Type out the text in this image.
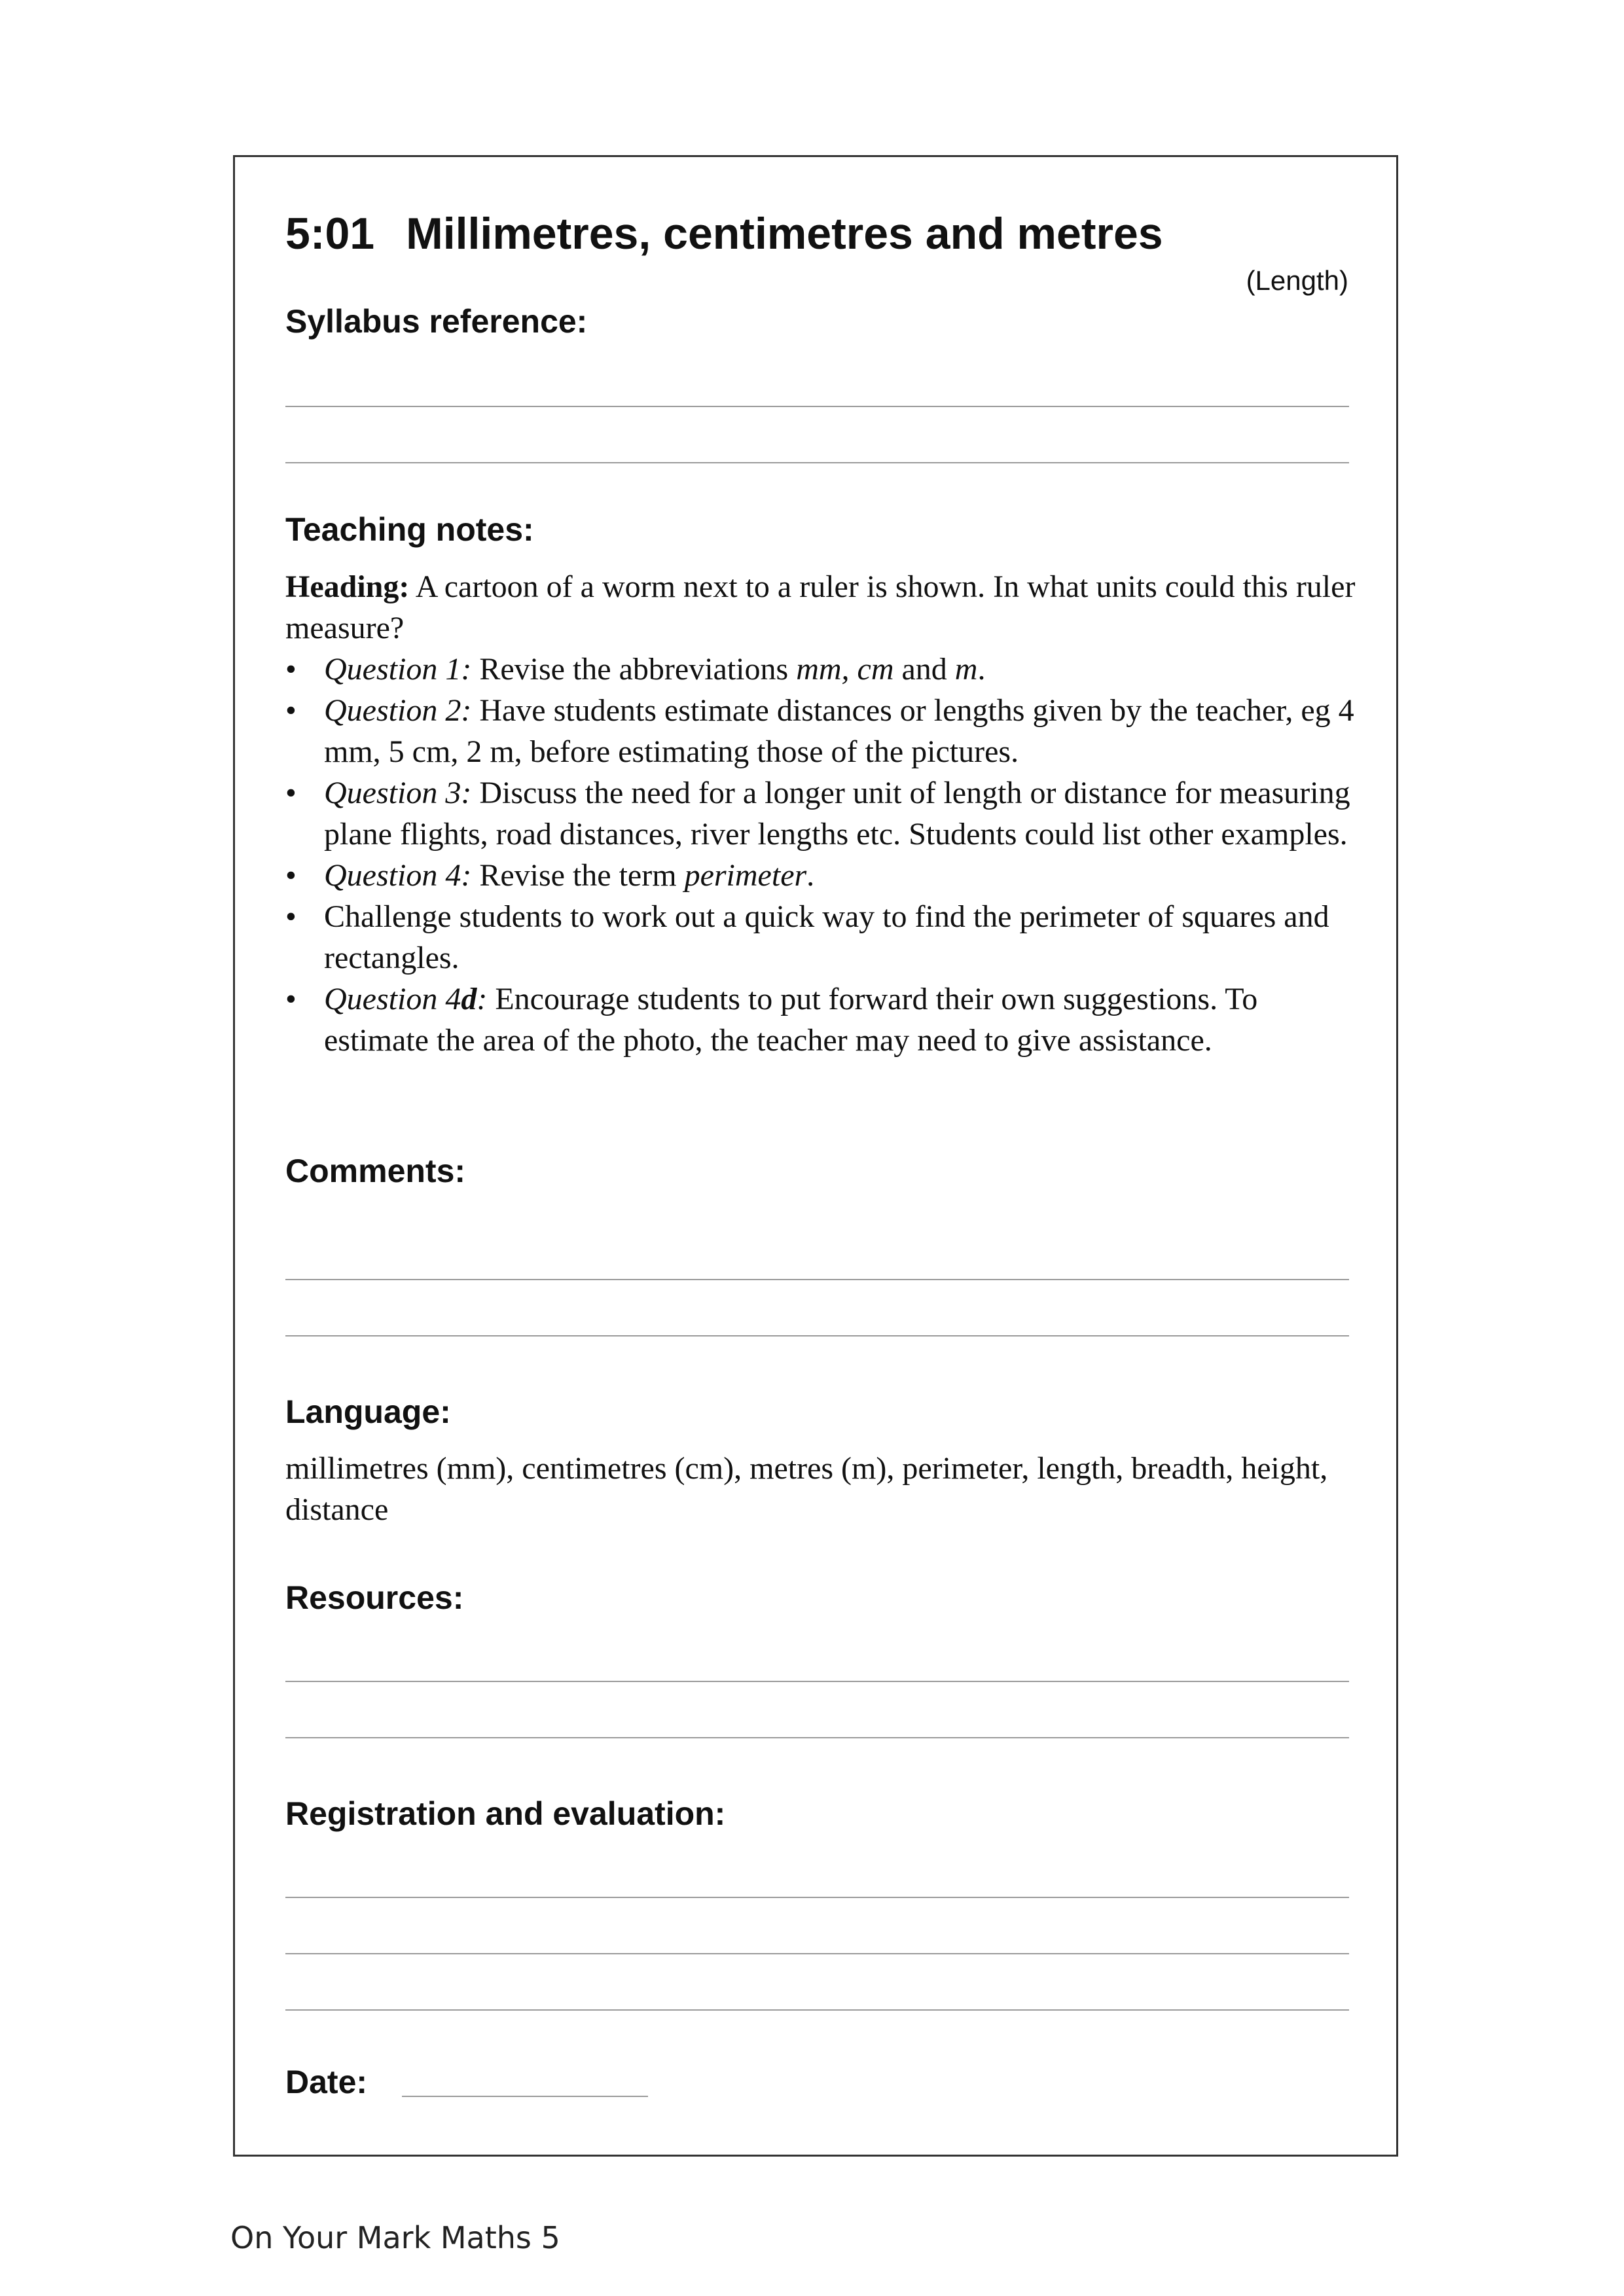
5:01 Millimetres, centimetres and metres
(Length)
Syllabus reference:
Teaching notes:

Heading: A cartoon of a worm next to a ruler is shown. In what units could this ruler measure?

• Question 1: Revise the abbreviations mm, cm and m.
• Question 2: Have students estimate distances or lengths given by the teacher, eg 4 mm, 5 cm, 2 m, before estimating those of the pictures.
• Question 3: Discuss the need for a longer unit of length or distance for measuring plane flights, road distances, river lengths etc. Students could list other examples.
• Question 4: Revise the term perimeter.
• Challenge students to work out a quick way to find the perimeter of squares and rectangles.
• Question 4d: Encourage students to put forward their own suggestions. To estimate the area of the photo, the teacher may need to give assistance.
Comments:
Language:
millimetres (mm), centimetres (cm), metres (m), perimeter, length, breadth, height, distance
Resources:
Registration and evaluation:
Date:
On Your Mark Maths 5
